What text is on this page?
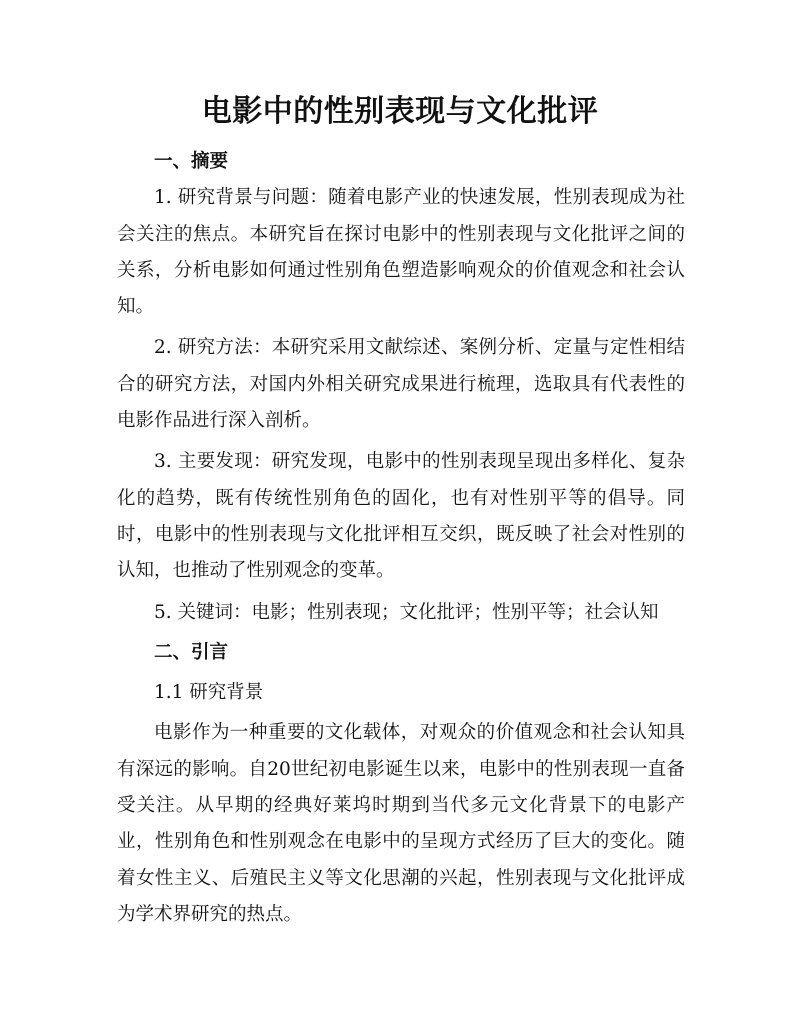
电影中的性别表现与文化批评

一、摘要

1. 研究背景与问题：随着电影产业的快速发展，性别表现成为社会关注的焦点。本研究旨在探讨电影中的性别表现与文化批评之间的关系，分析电影如何通过性别角色塑造影响观众的价值观念和社会认知。

2. 研究方法：本研究采用文献综述、案例分析、定量与定性相结合的研究方法，对国内外相关研究成果进行梳理，选取具有代表性的电影作品进行深入剖析。

3. 主要发现：研究发现，电影中的性别表现呈现出多样化、复杂化的趋势，既有传统性别角色的固化，也有对性别平等的倡导。同时，电影中的性别表现与文化批评相互交织，既反映了社会对性别的认知，也推动了性别观念的变革。

5. 关键词：电影；性别表现；文化批评；性别平等；社会认知

二、引言

1.1 研究背景

电影作为一种重要的文化载体，对观众的价值观念和社会认知具有深远的影响。自20世纪初电影诞生以来，电影中的性别表现一直备受关注。从早期的经典好莱坞时期到当代多元文化背景下的电影产业，性别角色和性别观念在电影中的呈现方式经历了巨大的变化。随着女性主义、后殖民主义等文化思潮的兴起，性别表现与文化批评成为学术界研究的热点。
